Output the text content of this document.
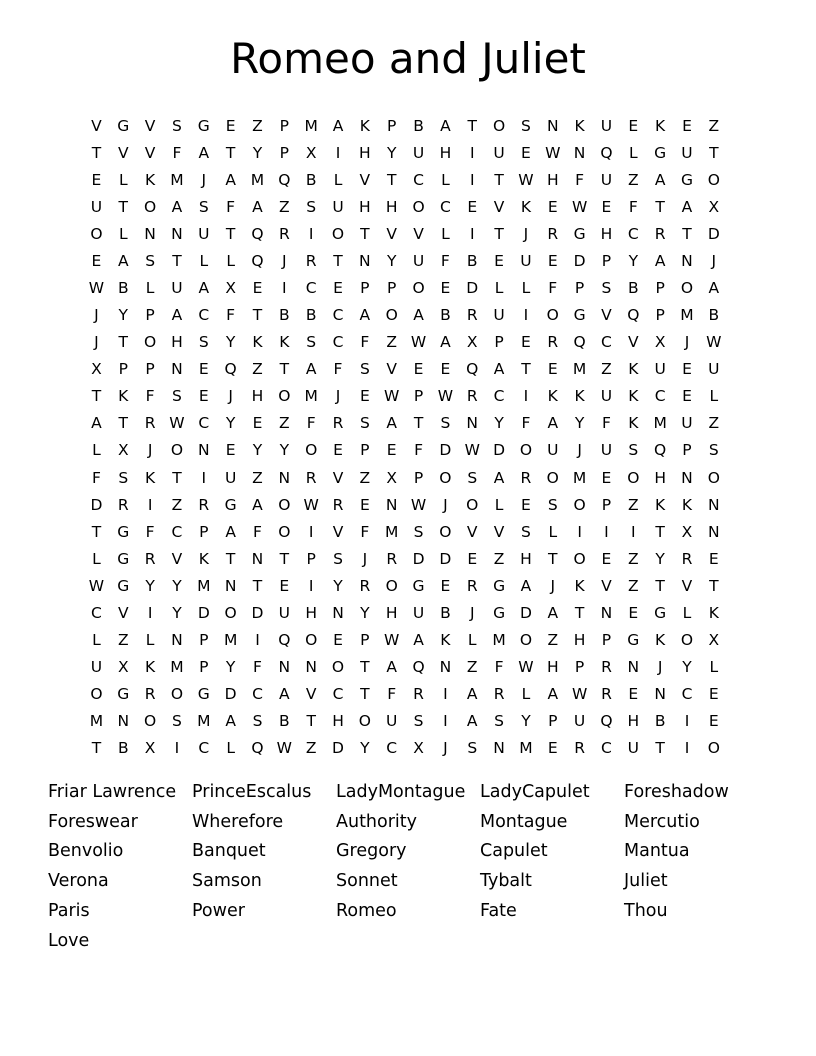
Romeo and Juliet
V	G	V	S	G	E	Z	P M A	K	P	B	A	T	O	S	N	K	U	E	K	E	Z
T	V	V	F	A	T	Y	P	X	I	H	Y	U H	I	U	E W N Q	L	G U	T
E	L	K M	J	A M Q B	L	V	T	C	L	I	T W H	F	U	Z	A	G O
U	T	O A	S	F	A	Z	S	U H H O C	E	V	K	E W E	F	T	A	X
O	L	N N U	T	Q R	I	O	T	V	V	L	I	T	J	R G H	C	R	T	D
E	A	S	T	L	L	Q	J	R	T	N	Y	U	F	B	E	U	E	D	P	Y	A	N	J
W B	L	U	A	X	E	I	C	E	P	P	O	E	D	L	L	F	P	S	B	P	O A
J	Y	P	A	C	F	T	B	B	C	A O A	B	R	U	I	O G	V Q	P M B
J	T	O H	S	Y	K	K	S	C	F	Z W A	X	P	E	R Q C	V	X	J	W
X	P	P	N	E	Q Z	T	A	F	S	V	E	E	Q A	T	E M Z	K	U	E	U
T	K	F	S	E	J	H O M	J	E W P W R	C	I	K	K	U	K	C	E	L
A	T	R W C	Y	E	Z	F	R	S	A	T	S	N	Y	F	A	Y	F	K M U	Z
L	X	J	O N	E	Y	Y	O	E	P	E	F	D W D O U	J	U	S	Q	P	S
F	S	K	T	I	U	Z	N	R	V	Z	X	P	O	S	A	R O M E	O H N O
D R	I	Z	R G	A O W R	E	N W	J	O	L	E	S	O	P	Z	K	K	N
T	G	F	C	P	A	F	O	I	V	F	M S	O V	V	S	L	I	I	I	T	X	N
L	G R	V	K	T	N	T	P	S	J	R D D	E	Z	H	T	O	E	Z	Y	R	E
W G	Y	Y M N	T	E	I	Y	R O G	E	R G	A	J	K	V	Z	T	V	T
C	V	I	Y	D O D U H N	Y	H U	B	J	G D	A	T	N	E	G	L	K
L	Z	L	N	P M	I	Q O	E	P W A	K	L	M O Z	H	P	G	K	O X
U	X	K M P	Y	F	N N O	T	A Q N	Z	F W H	P	R	N	J	Y	L
O G R O G D C	A	V	C	T	F	R	I	A	R	L	A W R	E	N	C	E
M N O	S M A	S	B	T	H O U	S	I	A	S	Y	P	U Q H	B	I	E
T	B	X	I	C	L	Q W Z	D	Y	C	X	J	S	N M E	R	C	U	T	I	O
Friar Lawrence
Foreswear
Benvolio
Verona
Paris
Love
PrinceEscalus
Wherefore
Banquet
Samson
Power
LadyMontague
Authority
Gregory
Sonnet
Romeo
LadyCapulet
Montague
Capulet
Tybalt
Fate
Foreshadow
Mercutio
Mantua
Juliet
Thou
